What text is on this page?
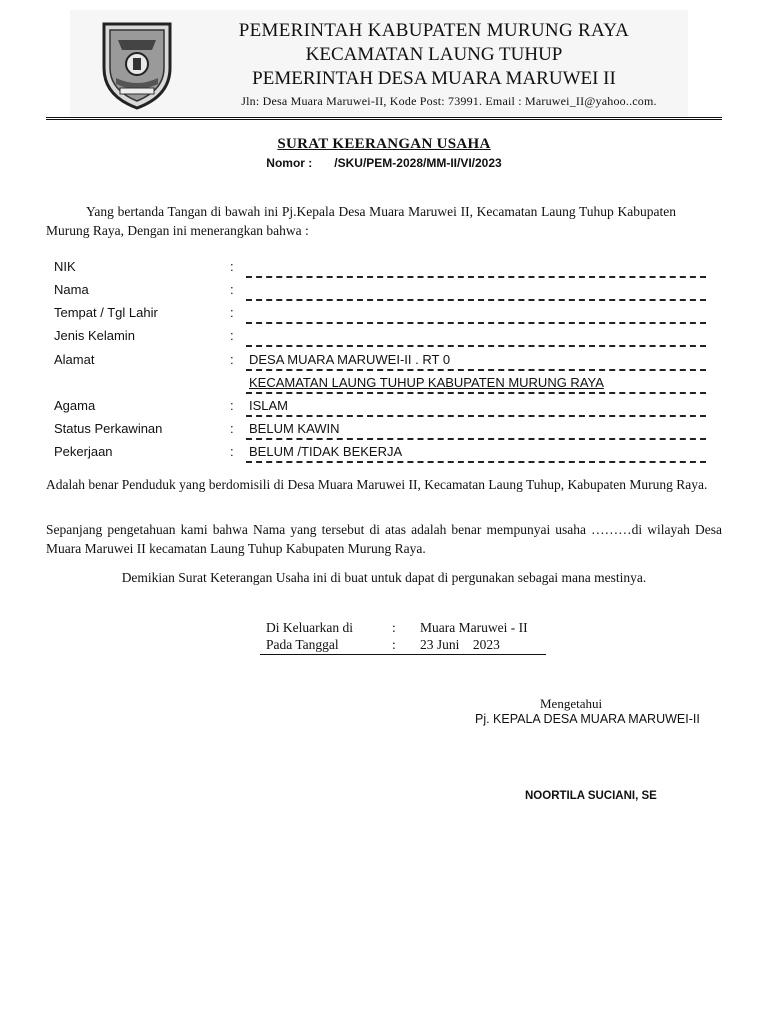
PEMERINTAH KABUPATEN MURUNG RAYA
KECAMATAN LAUNG TUHUP
PEMERINTAH DESA MUARA MARUWEI II
Jln: Desa Muara Maruwei-II, Kode Post: 73991. Email : Maruwei_II@yahoo..com.
SURAT KEERANGAN USAHA
Nomor : /SKU/PEM-2028/MM-II/VI/2023
Yang bertanda Tangan di bawah ini Pj.Kepala Desa Muara Maruwei II, Kecamatan Laung Tuhup Kabupaten Murung Raya, Dengan ini menerangkan bahwa :
NIK	:
Nama	:
Tempat / Tgl Lahir	:
Jenis Kelamin	:
Alamat	: DESA MUARA MARUWEI-II . RT 0
KECAMATAN LAUNG TUHUP KABUPATEN MURUNG RAYA
Agama	: ISLAM
Status Perkawinan	: BELUM KAWIN
Pekerjaan	: BELUM /TIDAK BEKERJA
Adalah benar Penduduk yang berdomisili di Desa Muara Maruwei II, Kecamatan Laung Tuhup, Kabupaten Murung Raya.
Sepanjang pengetahuan kami bahwa Nama yang tersebut di atas adalah benar mempunyai usaha ………di wilayah Desa Muara Maruwei II kecamatan Laung Tuhup Kabupaten Murung Raya.
Demikian Surat Keterangan Usaha ini di buat untuk dapat di pergunakan sebagai mana mestinya.
Di Keluarkan di	: Muara Maruwei - II
Pada Tanggal	: 23 Juni    2023
Mengetahui
Pj. KEPALA DESA MUARA MARUWEI-II
NOORTILA SUCIANI, SE
